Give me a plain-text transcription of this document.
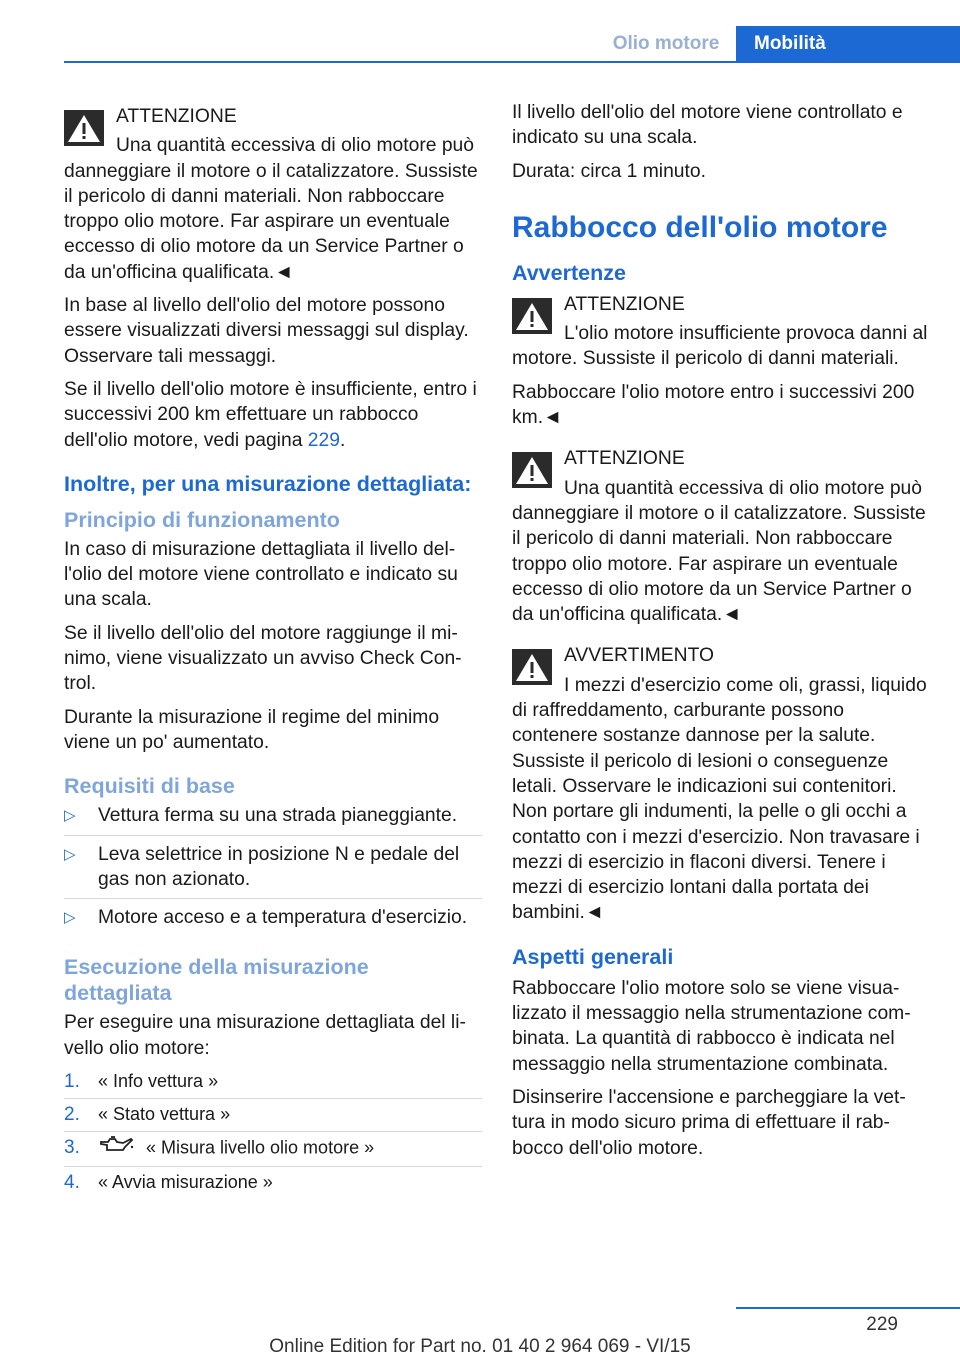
Olio motore	Mobilità
ATTENZIONE

Una quantità eccessiva di olio motore può danneggiare il motore o il catalizzatore. Sussiste il pericolo di danni materiali. Non rabboccare troppo olio motore. Far aspirare un eventuale eccesso di olio motore da un Service Partner o da un'officina qualificata.◄

In base al livello dell'olio del motore possono essere visualizzati diversi messaggi sul display. Osservare tali messaggi.

Se il livello dell'olio motore è insufficiente, entro i successivi 200 km effettuare un rabbocco dell'olio motore, vedi pagina 229.

Inoltre, per una misurazione dettagliata:
Principio di funzionamento

In caso di misurazione dettagliata il livello dell'olio del motore viene controllato e indicato su una scala.

Se il livello dell'olio del motore raggiunge il minimo, viene visualizzato un avviso Check Control.

Durante la misurazione il regime del minimo viene un po' aumentato.

Requisiti di base
▷ Vettura ferma su una strada pianeggiante.
▷ Leva selettrice in posizione N e pedale del gas non azionato.
▷ Motore acceso e a temperatura d'esercizio.
Esecuzione della misurazione dettagliata

Per eseguire una misurazione dettagliata del livello olio motore:

1. « Info vettura »
2. « Stato vettura »
3.	« Misura livello olio motore »
4. « Avvia misurazione »

Il livello dell'olio del motore viene controllato e indicato su una scala.

Durata: circa 1 minuto.

Rabbocco dell'olio motore
Avvertenze
ATTENZIONE

L'olio motore insufficiente provoca danni al motore. Sussiste il pericolo di danni materiali.

Rabboccare l'olio motore entro i successivi 200 km.◄

ATTENZIONE

Una quantità eccessiva di olio motore può danneggiare il motore o il catalizzatore. Sussiste il pericolo di danni materiali. Non rabboccare troppo olio motore. Far aspirare un eventuale eccesso di olio motore da un Service Partner o da un'officina qualificata.◄

AVVERTIMENTO

I mezzi d'esercizio come oli, grassi, liquido di raffreddamento, carburante possono contenere sostanze dannose per la salute. Sussiste il pericolo di lesioni o conseguenze letali. Osservare le indicazioni sui contenitori. Non portare gli indumenti, la pelle o gli occhi a contatto con i mezzi d'esercizio. Non travasare i mezzi di esercizio in flaconi diversi. Tenere i mezzi di esercizio lontani dalla portata dei bambini.◄

Aspetti generali

Rabboccare l'olio motore solo se viene visualizzato il messaggio nella strumentazione combinata. La quantità di rabbocco è indicata nel messaggio nella strumentazione combinata.

Disinserire l'accensione e parcheggiare la vettura in modo sicuro prima di effettuare il rabbocco dell'olio motore.

229
Online Edition for Part no. 01 40 2 964 069 - VI/15
